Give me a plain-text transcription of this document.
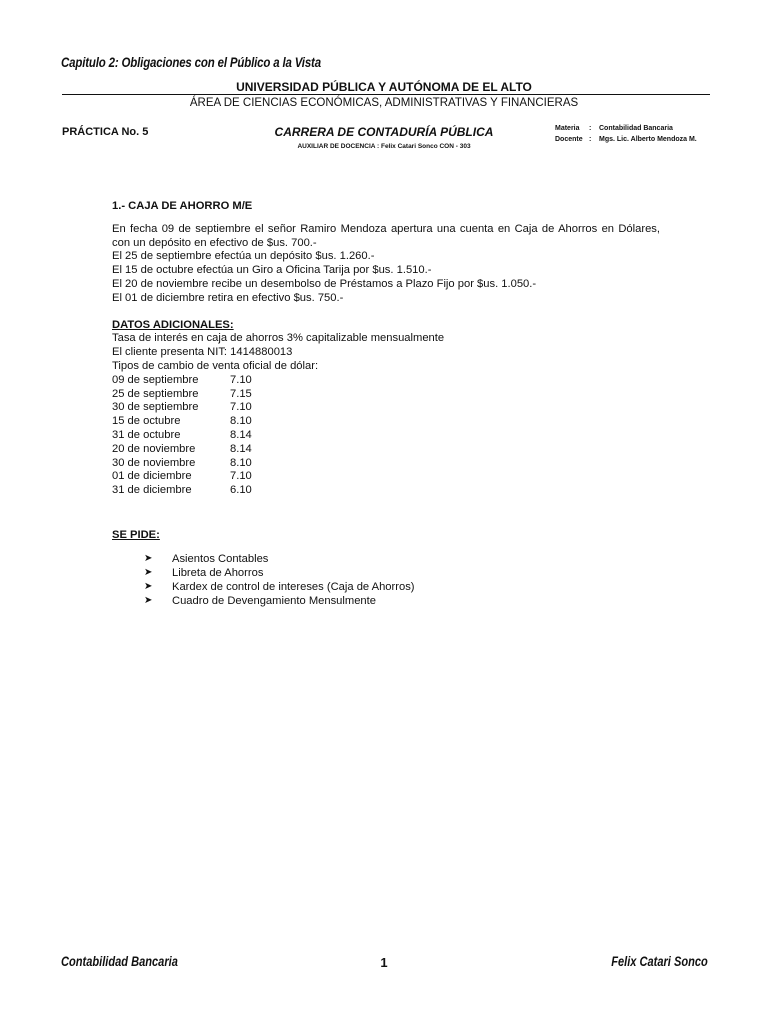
Capitulo 2: Obligaciones con el Público a la Vista
UNIVERSIDAD PÚBLICA Y AUTÓNOMA DE EL ALTO
ÁREA DE CIENCIAS ECONÓMICAS, ADMINISTRATIVAS Y FINANCIERAS
PRÁCTICA No. 5	CARRERA DE CONTADURÍA PÚBLICA
AUXILIAR DE DOCENCIA : Felix Catari Sonco CON - 303
Materia : Contabilidad Bancaria
Docente : Mgs. Lic. Alberto Mendoza M.

1.- CAJA DE AHORRO M/E

En fecha 09 de septiembre el señor Ramiro Mendoza apertura una cuenta en Caja de Ahorros en Dólares, con un depósito en efectivo de $us. 700.-

El 25 de septiembre efectúa un depósito $us. 1.260.-

El 15 de octubre efectúa un Giro a Oficina Tarija por $us. 1.510.-

El 20 de noviembre recibe un desembolso de Préstamos a Plazo Fijo por $us. 1.050.-

El 01 de diciembre retira en efectivo $us. 750.-

DATOS ADICIONALES:

Tasa de interés en caja de ahorros 3% capitalizable mensualmente

El cliente presenta NIT: 1414880013

Tipos de cambio de venta oficial de dólar:

09 de septiembre	7.10
25 de septiembre	7.15
30 de septiembre	7.10
15 de octubre	8.10
31 de octubre	8.14
20 de noviembre	8.14
30 de noviembre	8.10
01 de diciembre	7.10
31 de diciembre	6.10

SE PIDE:

➤	Asientos Contables
➤	Libreta de Ahorros
➤	Kardex de control de intereses (Caja de Ahorros)
➤	Cuadro de Devengamiento Mensulmente
Contabilidad Bancaria	1	Felix Catari Sonco
